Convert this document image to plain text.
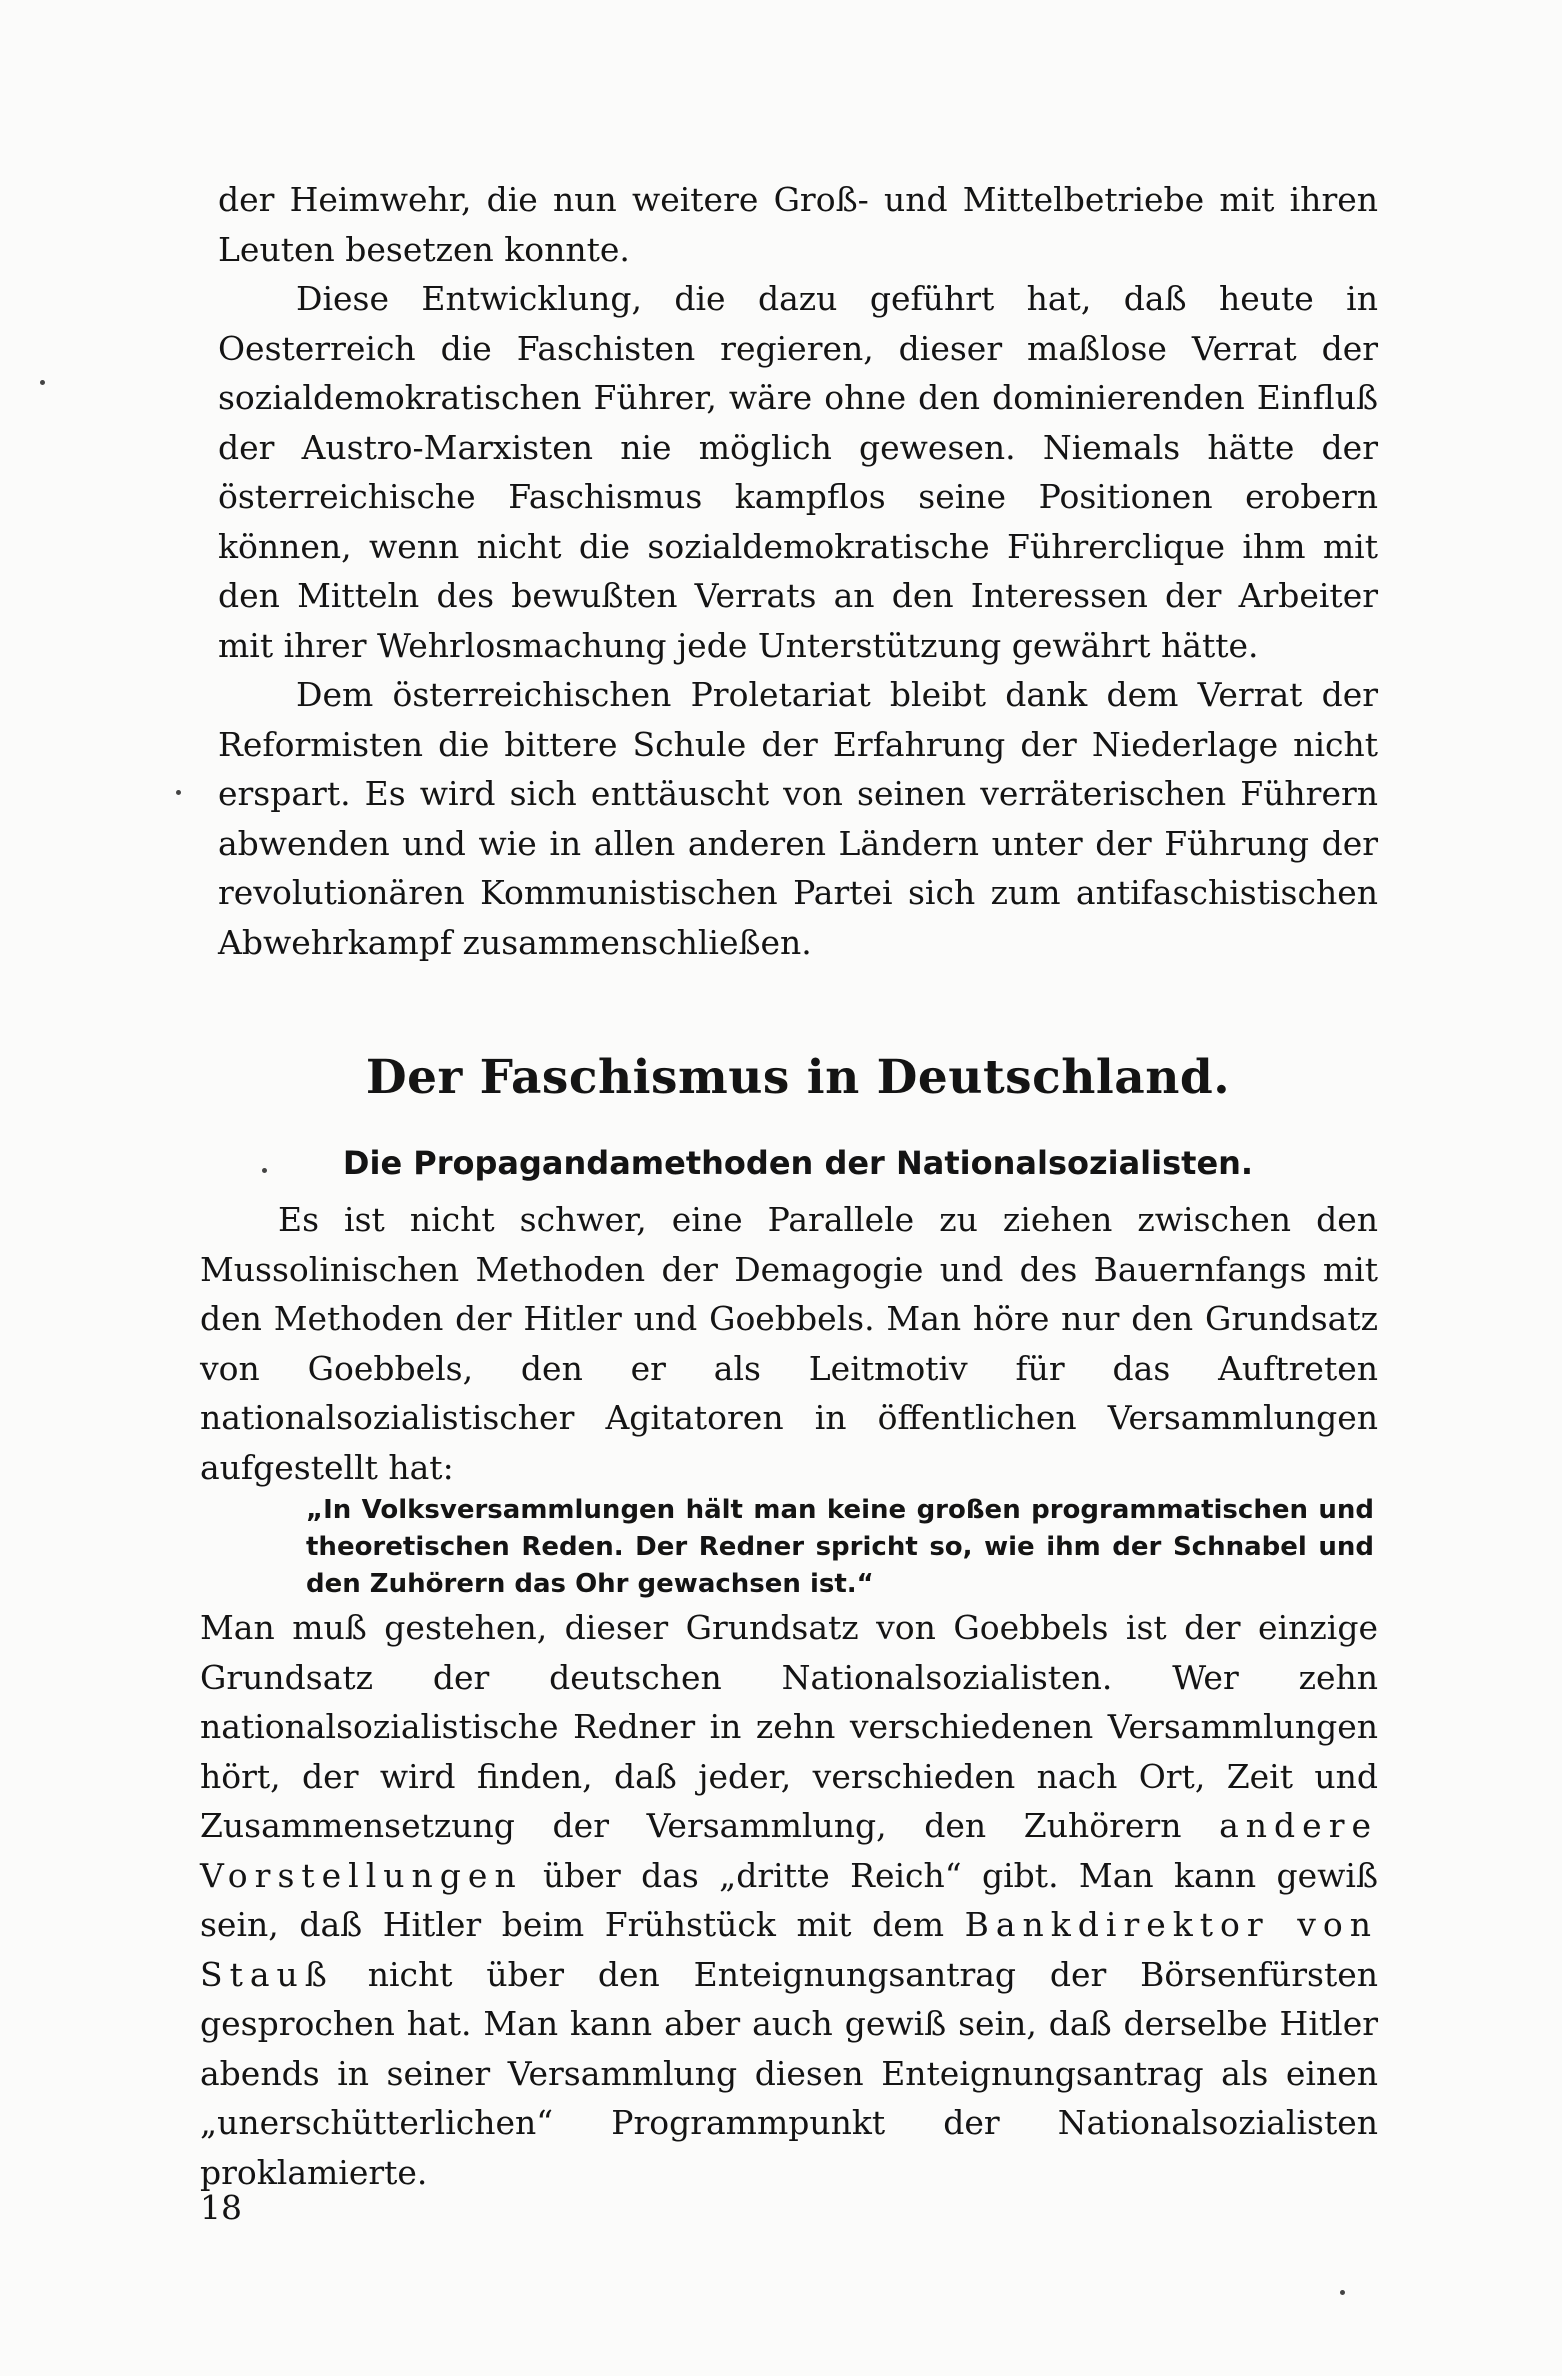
der Heimwehr, die nun weitere Groß- und Mittelbetriebe mit ihren Leuten besetzen konnte.

Diese Entwicklung, die dazu geführt hat, daß heute in Oesterreich die Faschisten regieren, dieser maßlose Verrat der sozialdemokratischen Führer, wäre ohne den dominierenden Einfluß der Austro-Marxisten nie möglich gewesen. Niemals hätte der österreichische Faschismus kampflos seine Positionen erobern können, wenn nicht die sozialdemokratische Führerclique ihm mit den Mitteln des bewußten Verrats an den Interessen der Arbeiter mit ihrer Wehrlosmachung jede Unterstützung gewährt hätte.

Dem österreichischen Proletariat bleibt dank dem Verrat der Reformisten die bittere Schule der Erfahrung der Niederlage nicht erspart. Es wird sich enttäuscht von seinen verräterischen Führern abwenden und wie in allen anderen Ländern unter der Führung der revolutionären Kommunistischen Partei sich zum antifaschistischen Abwehrkampf zusammenschließen.

Der Faschismus in Deutschland.
Die Propagandamethoden der Nationalsozialisten.

Es ist nicht schwer, eine Parallele zu ziehen zwischen den Mussolinischen Methoden der Demagogie und des Bauernfangs mit den Methoden der Hitler und Goebbels. Man höre nur den Grundsatz von Goebbels, den er als Leitmotiv für das Auftreten nationalsozialistischer Agitatoren in öffentlichen Versammlungen aufgestellt hat:

„In Volksversammlungen hält man keine großen programmatischen und theoretischen Reden. Der Redner spricht so, wie ihm der Schnabel und den Zuhörern das Ohr gewachsen ist.“

Man muß gestehen, dieser Grundsatz von Goebbels ist der einzige Grundsatz der deutschen Nationalsozialisten. Wer zehn nationalsozialistische Redner in zehn verschiedenen Versammlungen hört, der wird finden, daß jeder, verschieden nach Ort, Zeit und Zusammensetzung der Versammlung, den Zuhörern andere Vorstellungen über das „dritte Reich“ gibt. Man kann gewiß sein, daß Hitler beim Frühstück mit dem Bankdirektor von Stauß nicht über den Enteignungsantrag der Börsenfürsten gesprochen hat. Man kann aber auch gewiß sein, daß derselbe Hitler abends in seiner Versammlung diesen Enteignungsantrag als einen „unerschütterlichen“ Programmpunkt der Nationalsozialisten proklamierte.

18
